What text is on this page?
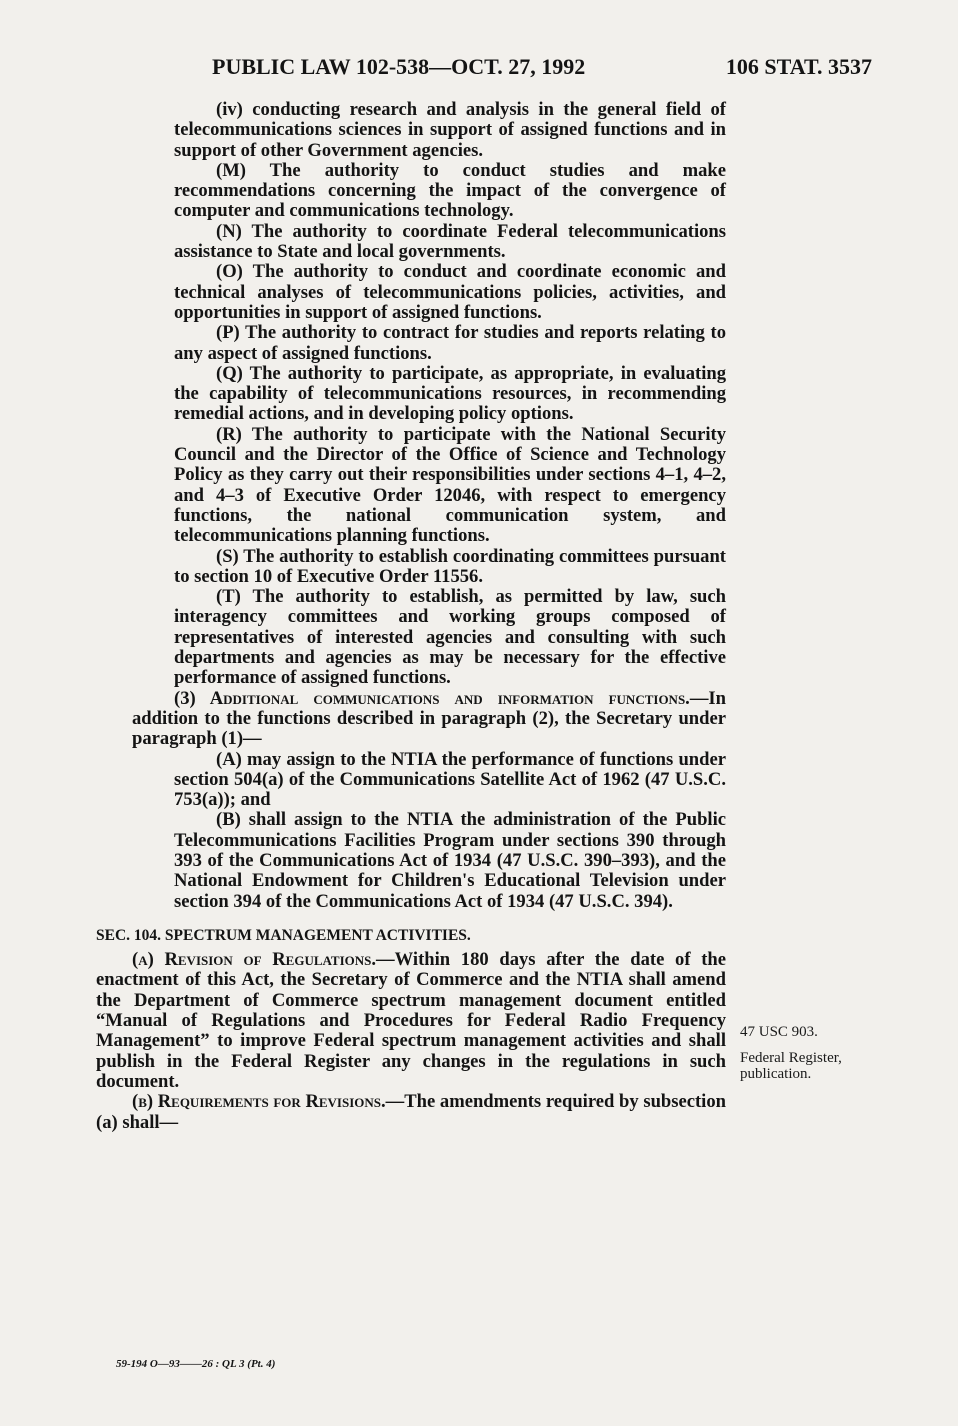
PUBLIC LAW 102-538—OCT. 27, 1992	106 STAT. 3537

(iv) conducting research and analysis in the general field of telecommunications sciences in support of assigned functions and in support of other Government agencies.

(M) The authority to conduct studies and make recommendations concerning the impact of the convergence of computer and communications technology.

(N) The authority to coordinate Federal telecommunications assistance to State and local governments.

(O) The authority to conduct and coordinate economic and technical analyses of telecommunications policies, activities, and opportunities in support of assigned functions.

(P) The authority to contract for studies and reports relating to any aspect of assigned functions.

(Q) The authority to participate, as appropriate, in evaluating the capability of telecommunications resources, in recommending remedial actions, and in developing policy options.

(R) The authority to participate with the National Security Council and the Director of the Office of Science and Technology Policy as they carry out their responsibilities under sections 4–1, 4–2, and 4–3 of Executive Order 12046, with respect to emergency functions, the national communication system, and telecommunications planning functions.

(S) The authority to establish coordinating committees pursuant to section 10 of Executive Order 11556.

(T) The authority to establish, as permitted by law, such interagency committees and working groups composed of representatives of interested agencies and consulting with such departments and agencies as may be necessary for the effective performance of assigned functions.

(3) Additional communications and information functions.—In addition to the functions described in paragraph (2), the Secretary under paragraph (1)—

(A) may assign to the NTIA the performance of functions under section 504(a) of the Communications Satellite Act of 1962 (47 U.S.C. 753(a)); and

(B) shall assign to the NTIA the administration of the Public Telecommunications Facilities Program under sections 390 through 393 of the Communications Act of 1934 (47 U.S.C. 390–393), and the National Endowment for Children's Educational Television under section 394 of the Communications Act of 1934 (47 U.S.C. 394).

SEC. 104. SPECTRUM MANAGEMENT ACTIVITIES.

(a) Revision of Regulations.—Within 180 days after the date of the enactment of this Act, the Secretary of Commerce and the NTIA shall amend the Department of Commerce spectrum management document entitled “Manual of Regulations and Procedures for Federal Radio Frequency Management” to improve Federal spectrum management activities and shall publish in the Federal Register any changes in the regulations in such document.

(b) Requirements for Revisions.—The amendments required by subsection (a) shall—

47 USC 903.
Federal Register, publication.
59-194 O—93——26 : QL 3 (Pt. 4)
